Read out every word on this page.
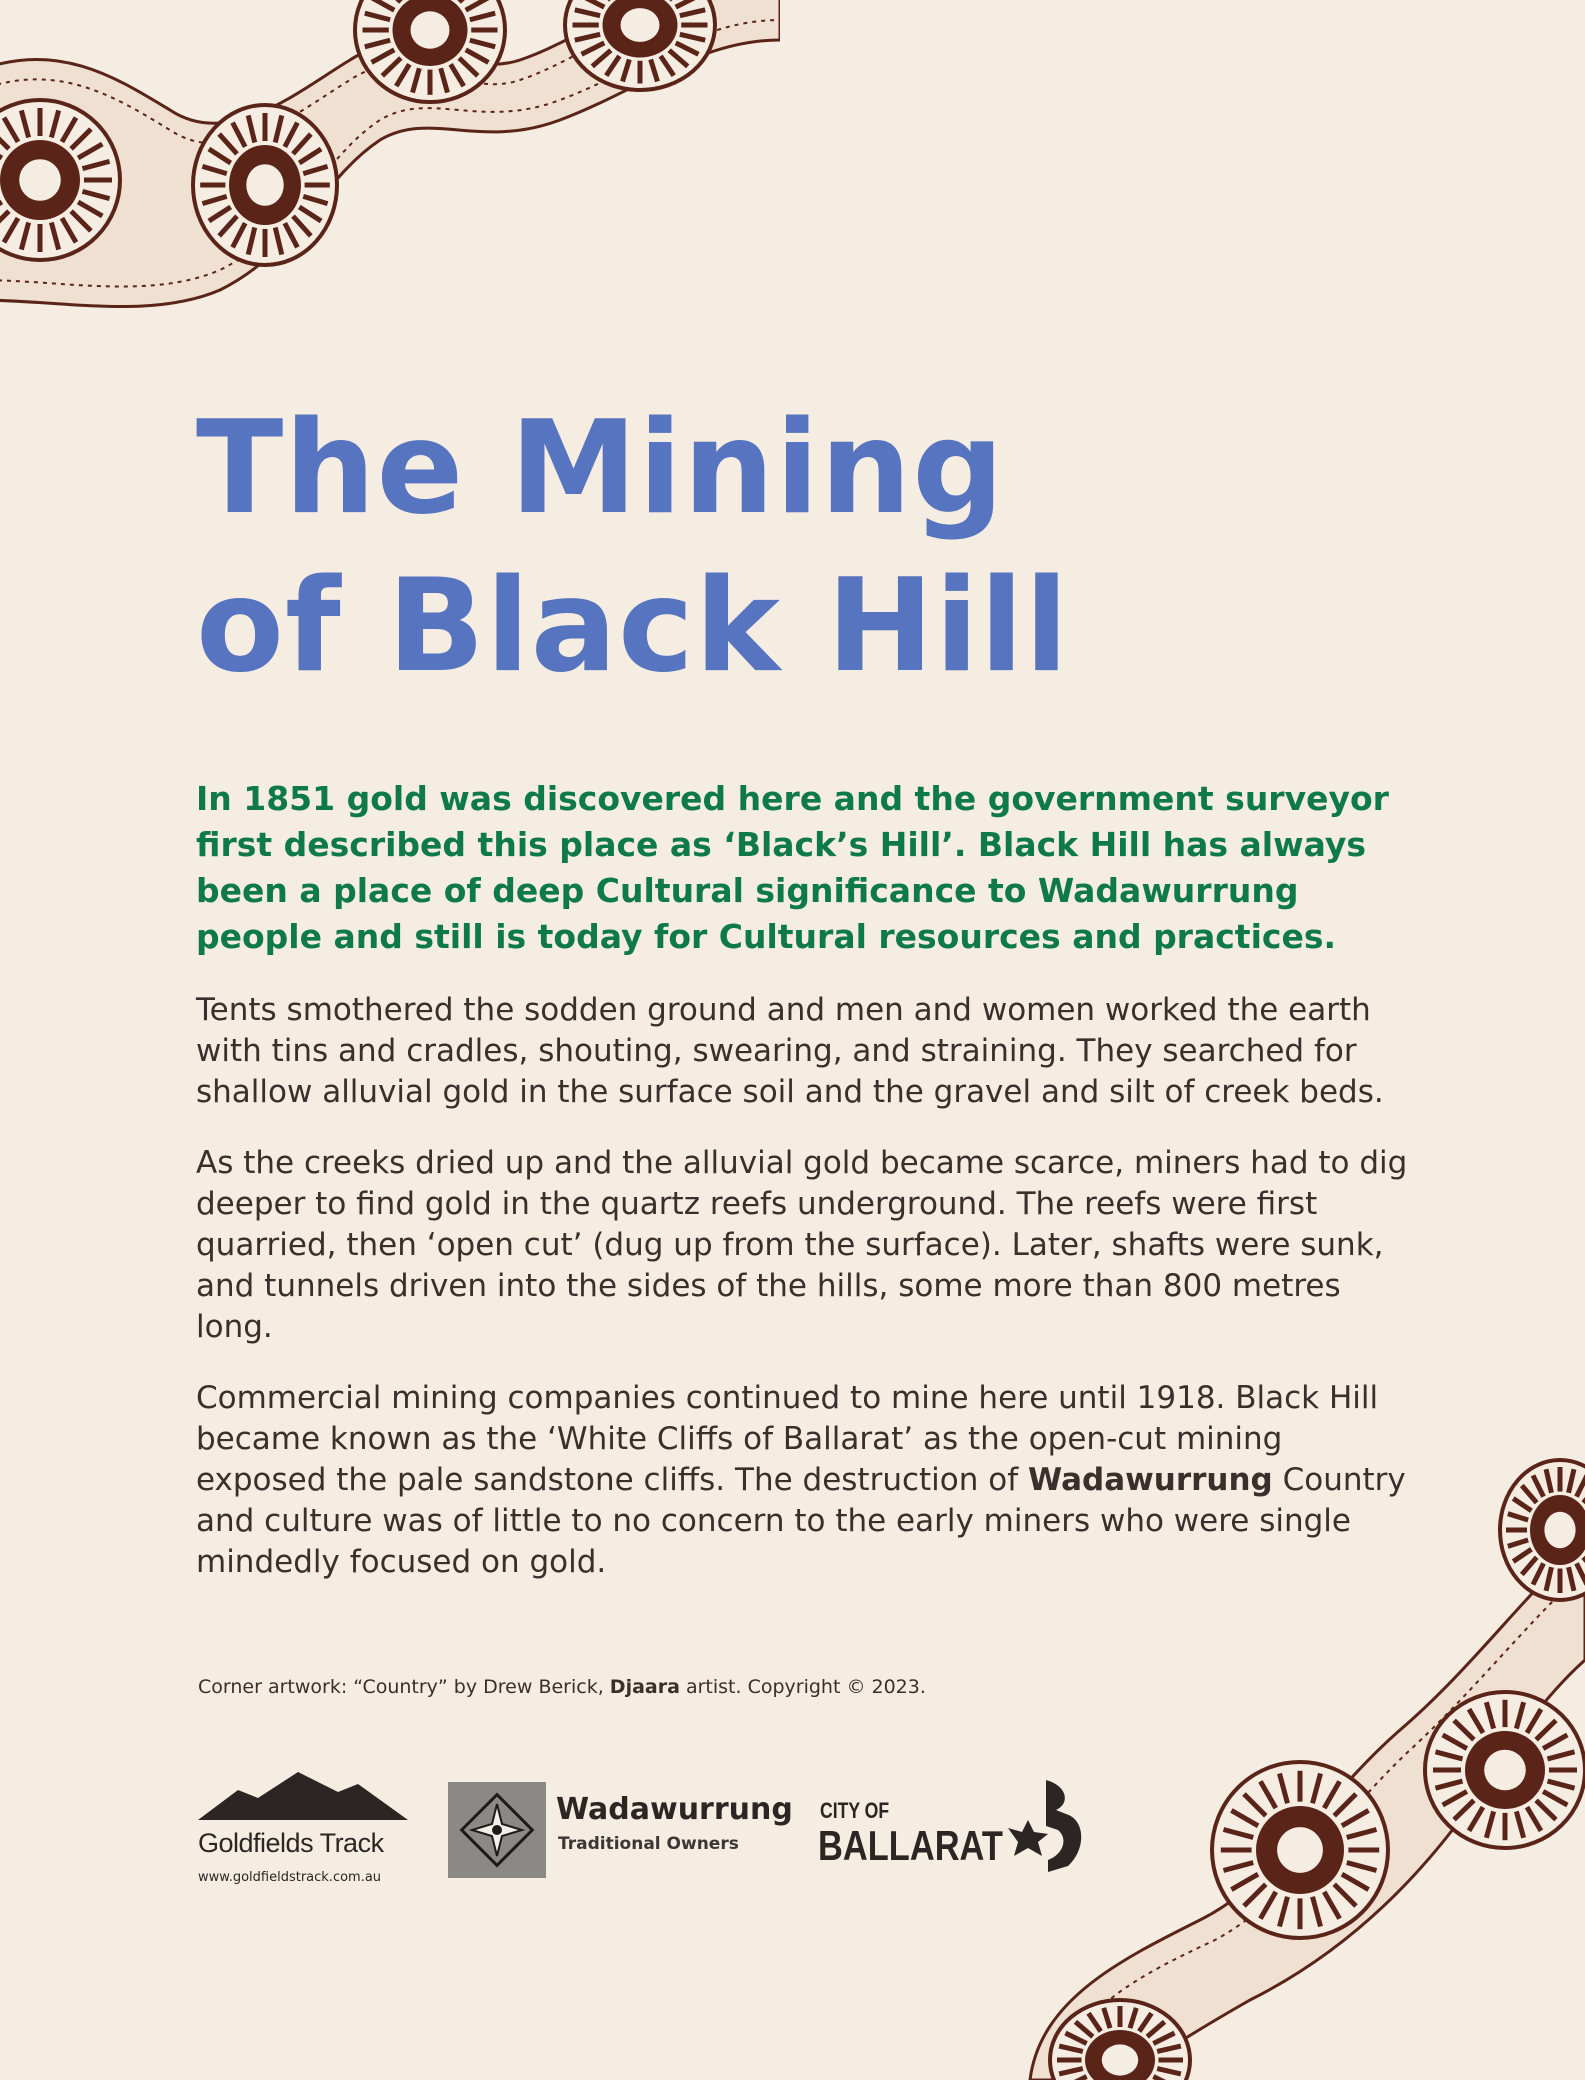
The Mining
of Black Hill

In 1851 gold was discovered here and the government surveyor first described this place as ‘Black’s Hill’. Black Hill has always been a place of deep Cultural significance to Wadawurrung people and still is today for Cultural resources and practices.

Tents smothered the sodden ground and men and women worked the earth with tins and cradles, shouting, swearing, and straining. They searched for shallow alluvial gold in the surface soil and the gravel and silt of creek beds.

As the creeks dried up and the alluvial gold became scarce, miners had to dig deeper to find gold in the quartz reefs underground. The reefs were first quarried, then ‘open cut’ (dug up from the surface). Later, shafts were sunk, and tunnels driven into the sides of the hills, some more than 800 metres long.

Commercial mining companies continued to mine here until 1918. Black Hill became known as the ‘White Cliffs of Ballarat’ as the open-cut mining exposed the pale sandstone cliffs. The destruction of Wadawurrung Country and culture was of little to no concern to the early miners who were single mindedly focused on gold.

Corner artwork: “Country” by Drew Berick, Djaara artist. Copyright © 2023.
Goldfields Track
www.goldfieldstrack.com.au
Wadawurrung
Traditional Owners
CITY OF
BALLARAT
